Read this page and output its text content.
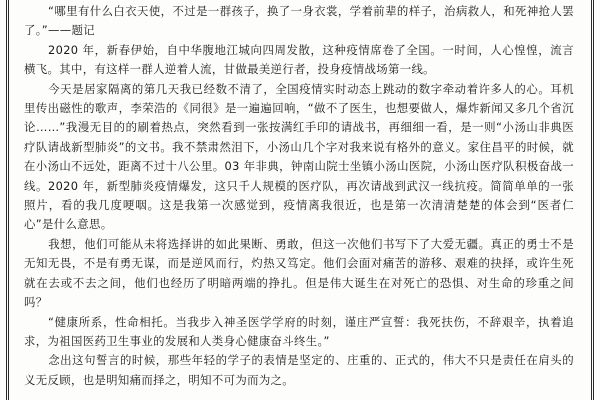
“哪里有什么白衣天使，不过是一群孩子，换了一身衣裳，学着前辈的样子，治病救人，和死神抢人罢了。”——题记

2020 年，新春伊始，自中华腹地江城向四周发散，这种疫情席卷了全国。一时间，人心惶惶，流言横飞。其中，有这样一群人逆着人流，甘做最美逆行者，投身疫情战场第一线。

今天是居家隔离的第几天我已经数不清了，全国疫情实时动态上跳动的数字牵动着许多人的心。耳机里传出磁性的歌声，李荣浩的《同很》是一遍遍回响，“做不了医生，也想要做人，爆炸新闻又多几个省沉论……”我漫无目的的刷着热点，突然看到一张按满红手印的请战书，再细细一看，是一则“小汤山非典医疗队请战新型肺炎”的文书。我不禁肃然泪下，小汤山几个字对我来说有格外的意义。家住昌平的时候，就在小汤山不远处，距离不过十八公里。03 年非典，钟南山院士坐镇小汤山医院，小汤山医疗队积极奋战一线。2020 年，新型肺炎疫情爆发，这只千人规模的医疗队，再次请战到武汉一线抗疫。简简单单的一张照片，看的我几度哽咽。这是我第一次感觉到，疫情离我很近，也是第一次清清楚楚的体会到“医者仁心”是什么意思。

我想，他们可能从未将选择讲的如此果断、勇敢，但这一次他们书写下了大爱无疆。真正的勇士不是无知无畏，不是有勇无谋，而是逆风而行，灼热又笃定。他们会面对痛苦的游移、艰难的抉择，或许生死就在去或不去之间，他们也经历了明暗两端的挣扎。但是伟大诞生在对死亡的恐惧、对生命的珍重之间吗？

“健康所系，性命相托。当我步入神圣医学学府的时刻，谨庄严宣誓：我死扶伤，不辞艰辛，执着追求，为祖国医药卫生事业的发展和人类身心健康奋斗终生。”

念出这句誓言的时候，那些年轻的学子的表情是坚定的、庄重的、正式的，伟大不只是责任在肩头的义无反顾，也是明知痛而择之，明知不可为而为之。
